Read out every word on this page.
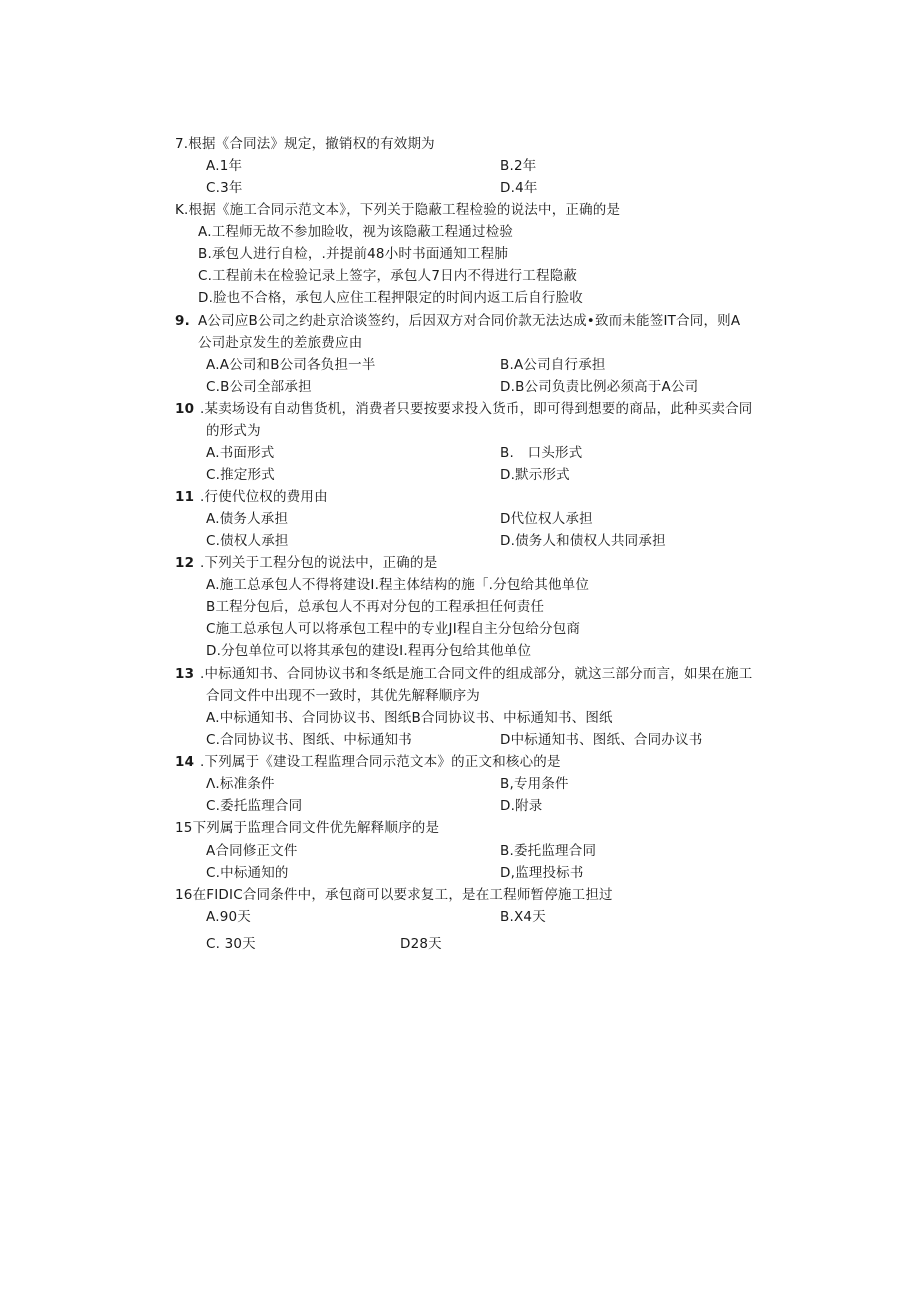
7.根据《合同法》规定，撤销权的有效期为
A.1年	B.2年
C.3年	D.4年
K.根据《施工合同示范文本》，下列关于隐蔽工程检验的说法中，正确的是
A.工程师无故不参加睑收，视为该隐蔽工程通过检验
B.承包人进行自检，.并提前48小时书面通知工程肺
C.工程前未在检验记录上签字，承包人7日内不得进行工程隐蔽
D.脸也不合格，承包人应住工程押限定的时间内返工后自行脸收
9. A公司应B公司之约赴京洽谈签约，后因双方对合同价款无法达成•致而未能签IT合同，则A
公司赴京发生的差旅费应由
A.A公司和B公司各负担一半	B.A公司自行承担
C.B公司全部承担	D.B公司负责比例必须高于A公司
10 .某卖场设有自动售货机，消费者只要按要求投入货币，即可得到想要的商品，此种买卖合同
的形式为
A.书面形式	B.　口头形式
C.推定形式	D.默示形式
11 .行使代位权的费用由
A.债务人承担	D代位权人承担
C.债权人承担	D.债务人和债权人共同承担
12 .下列关于工程分包的说法中，正确的是
A.施工总承包人不得将建设I.程主体结构的施「.分包给其他单位
B工程分包后，总承包人不再对分包的工程承担任何责任
C施工总承包人可以将承包工程中的专业JI程自主分包给分包商
D.分包单位可以将其承包的建设I.程再分包给其他单位
13 .中标通知书、合同协议书和冬纸是施工合同文件的组成部分，就这三部分而言，如果在施工
合同文件中出现不一致时，其优先解释顺序为
A.中标通知书、合同协议书、图纸B合同协议书、中标通知书、图纸
C.合同协议书、图纸、中标通知书	D中标通知书、图纸、合同办议书
14 .下列属于《建设工程监理合同示范文本》的正文和核心的是
Λ.标准条件	B,专用条件
C.委托监理合同	D.附录
15下列属于监理合同文件优先解释顺序的是
A合同修正文件	B.委托监理合同
C.中标通知的	D,监理投标书
16在FIDIC合同条件中，承包商可以要求复工，是在工程师暂停施工担过
A.90天	B.X4天
C. 30天	D28天
